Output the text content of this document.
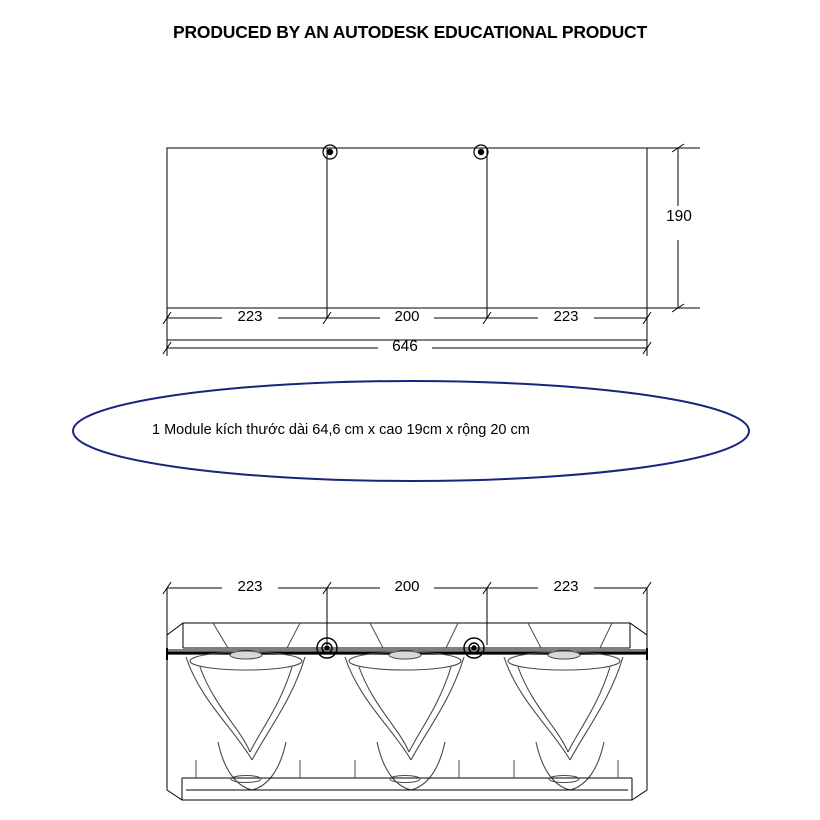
PRODUCED BY AN AUTODESK EDUCATIONAL PRODUCT
223	200	223
646
190
1 Module kích thước dài 64,6 cm x cao 19cm x rộng 20 cm
223	200	223
